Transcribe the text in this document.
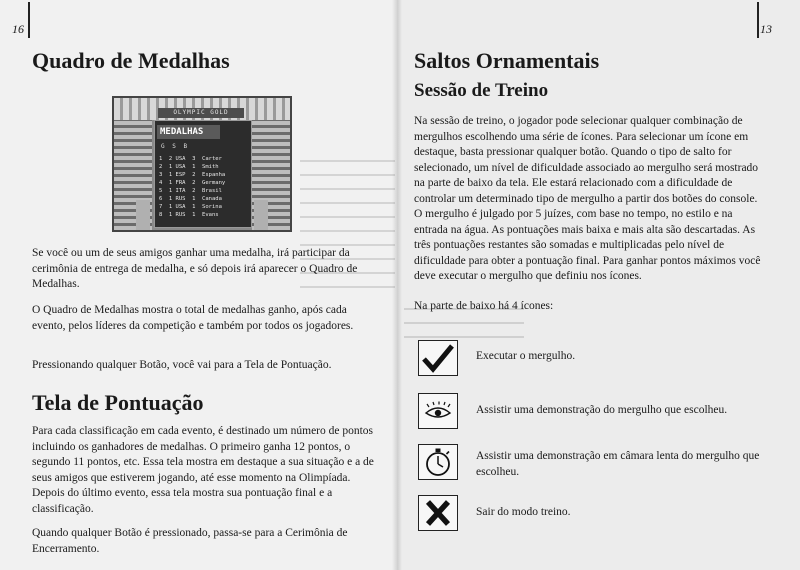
16
Quadro de Medalhas
OLYMPIC GOLD
MEDALHAS
G S B
1  2 USA  3  Carter
2  1 USA  1  Smith
3  1 ESP  2  Espanha
4  1 FRA  2  Germany
5  1 ITA  2  Brasil
6  1 RUS  1  Canada
7  1 USA  1  Sorina
8  1 RUS  1  Evans

Se você ou um de seus amigos ganhar uma medalha, irá participar da cerimônia de entrega de medalha, e só depois irá aparecer o Quadro de Medalhas.

O Quadro de Medalhas mostra o total de medalhas ganho, após cada evento, pelos líderes da competição e também por todos os jogadores.

Pressionando qualquer Botão, você vai para a Tela de Pontuação.

Tela de Pontuação

Para cada classificação em cada evento, é destinado um número de pontos incluindo os ganhadores de medalhas. O primeiro ganha 12 pontos, o segundo 11 pontos, etc. Essa tela mostra em destaque a sua situação e a de seus amigos que estiverem jogando, até esse momento na Olimpíada. Depois do último evento, essa tela mostra sua pontuação final e a classificação.

Quando qualquer Botão é pressionado, passa-se para a Cerimônia de Encerramento.

13
Saltos Ornamentais
Sessão de Treino

Na sessão de treino, o jogador pode selecionar qualquer combinação de mergulhos escolhendo uma série de ícones. Para selecionar um ícone em destaque, basta pressionar qualquer botão. Quando o tipo de salto for selecionado, um nível de dificuldade associado ao mergulho será mostrado na parte de baixo da tela. Ele estará relacionado com a dificuldade de controlar um determinado tipo de mergulho a partir dos botões do console. O mergulho é julgado por 5 juízes, com base no tempo, no estilo e na entrada na água. As pontuações mais baixa e mais alta são descartadas. As três pontuações restantes são somadas e multiplicadas pelo nível de dificuldade para obter a pontuação final. Para ganhar pontos máximos você deve executar o mergulho que definiu nos ícones.

Na parte de baixo há 4 ícones:

Executar o mergulho.
Assistir uma demonstração do mergulho que escolheu.
Assistir uma demonstração em câmara lenta do mergulho que escolheu.
Sair do modo treino.
